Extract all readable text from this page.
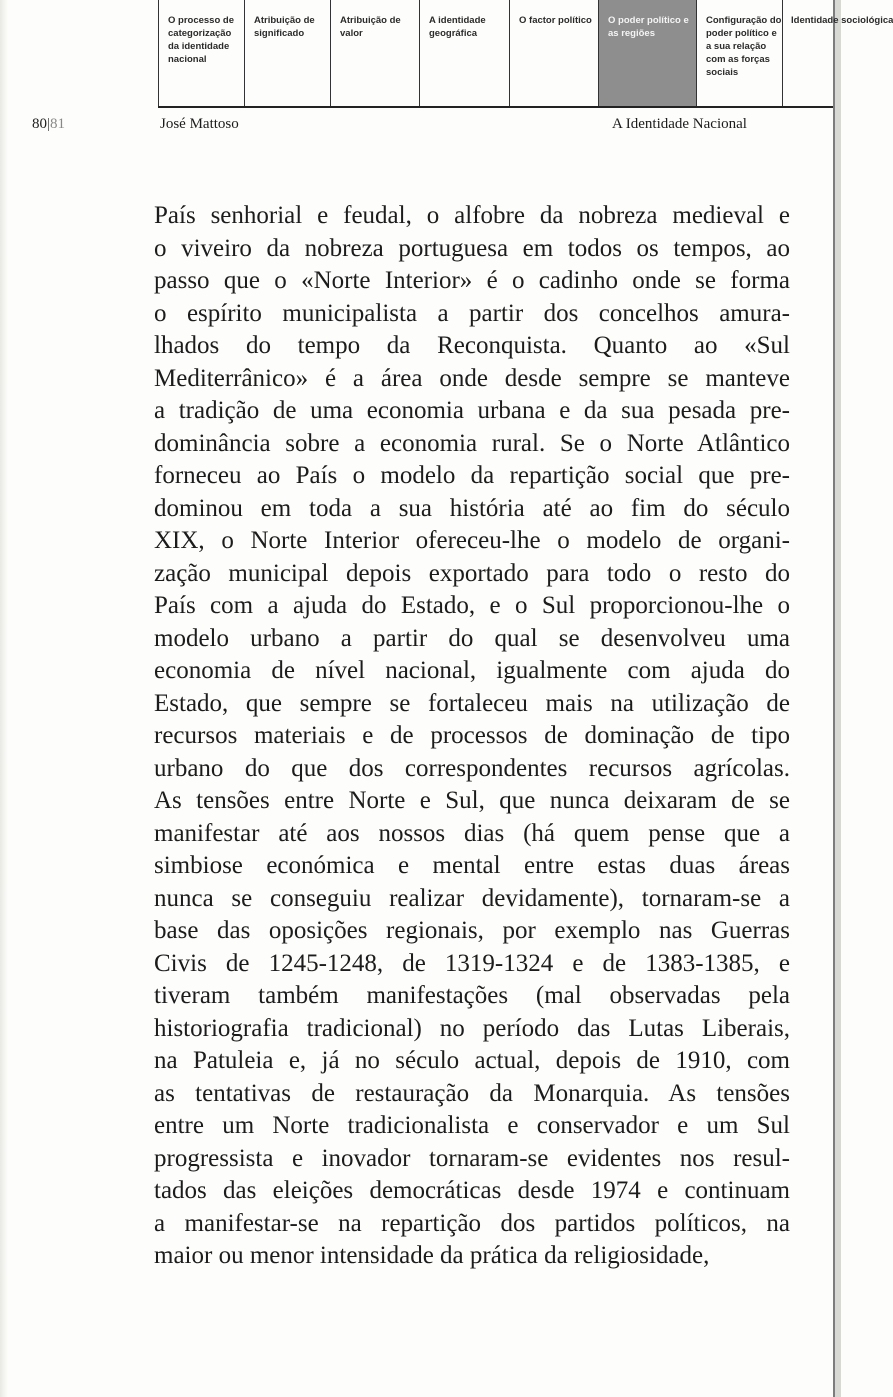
O processo de categorização da identidade nacional
Atribuição de significado
Atribuição de valor
A identidade geográfica
O factor político	O poder político e as regiões
Configuração do poder político e a sua relação com as forças sociais
Identidade sociológica
80|81	José Mattoso	A Identidade Nacional
País senhorial e feudal, o alfobre da nobreza medieval e
o viveiro da nobreza portuguesa em todos os tempos, ao
passo que o «Norte Interior» é o cadinho onde se forma
o espírito municipalista a partir dos concelhos amura-
lhados do tempo da Reconquista. Quanto ao «Sul
Mediterrânico» é a área onde desde sempre se manteve
a tradição de uma economia urbana e da sua pesada pre-
dominância sobre a economia rural. Se o Norte Atlântico
forneceu ao País o modelo da repartição social que pre-
dominou em toda a sua história até ao fim do século
XIX, o Norte Interior ofereceu-lhe o modelo de organi-
zação municipal depois exportado para todo o resto do
País com a ajuda do Estado, e o Sul proporcionou-lhe o
modelo urbano a partir do qual se desenvolveu uma
economia de nível nacional, igualmente com ajuda do
Estado, que sempre se fortaleceu mais na utilização de
recursos materiais e de processos de dominação de tipo
urbano do que dos correspondentes recursos agrícolas.
As tensões entre Norte e Sul, que nunca deixaram de se
manifestar até aos nossos dias (há quem pense que a
simbiose económica e mental entre estas duas áreas
nunca se conseguiu realizar devidamente), tornaram-se a
base das oposições regionais, por exemplo nas Guerras
Civis de 1245-1248, de 1319-1324 e de 1383-1385, e
tiveram também manifestações (mal observadas pela
historiografia tradicional) no período das Lutas Liberais,
na Patuleia e, já no século actual, depois de 1910, com
as tentativas de restauração da Monarquia. As tensões
entre um Norte tradicionalista e conservador e um Sul
progressista e inovador tornaram-se evidentes nos resul-
tados das eleições democráticas desde 1974 e continuam
a manifestar-se na repartição dos partidos políticos, na
maior ou menor intensidade da prática da religiosidade,
